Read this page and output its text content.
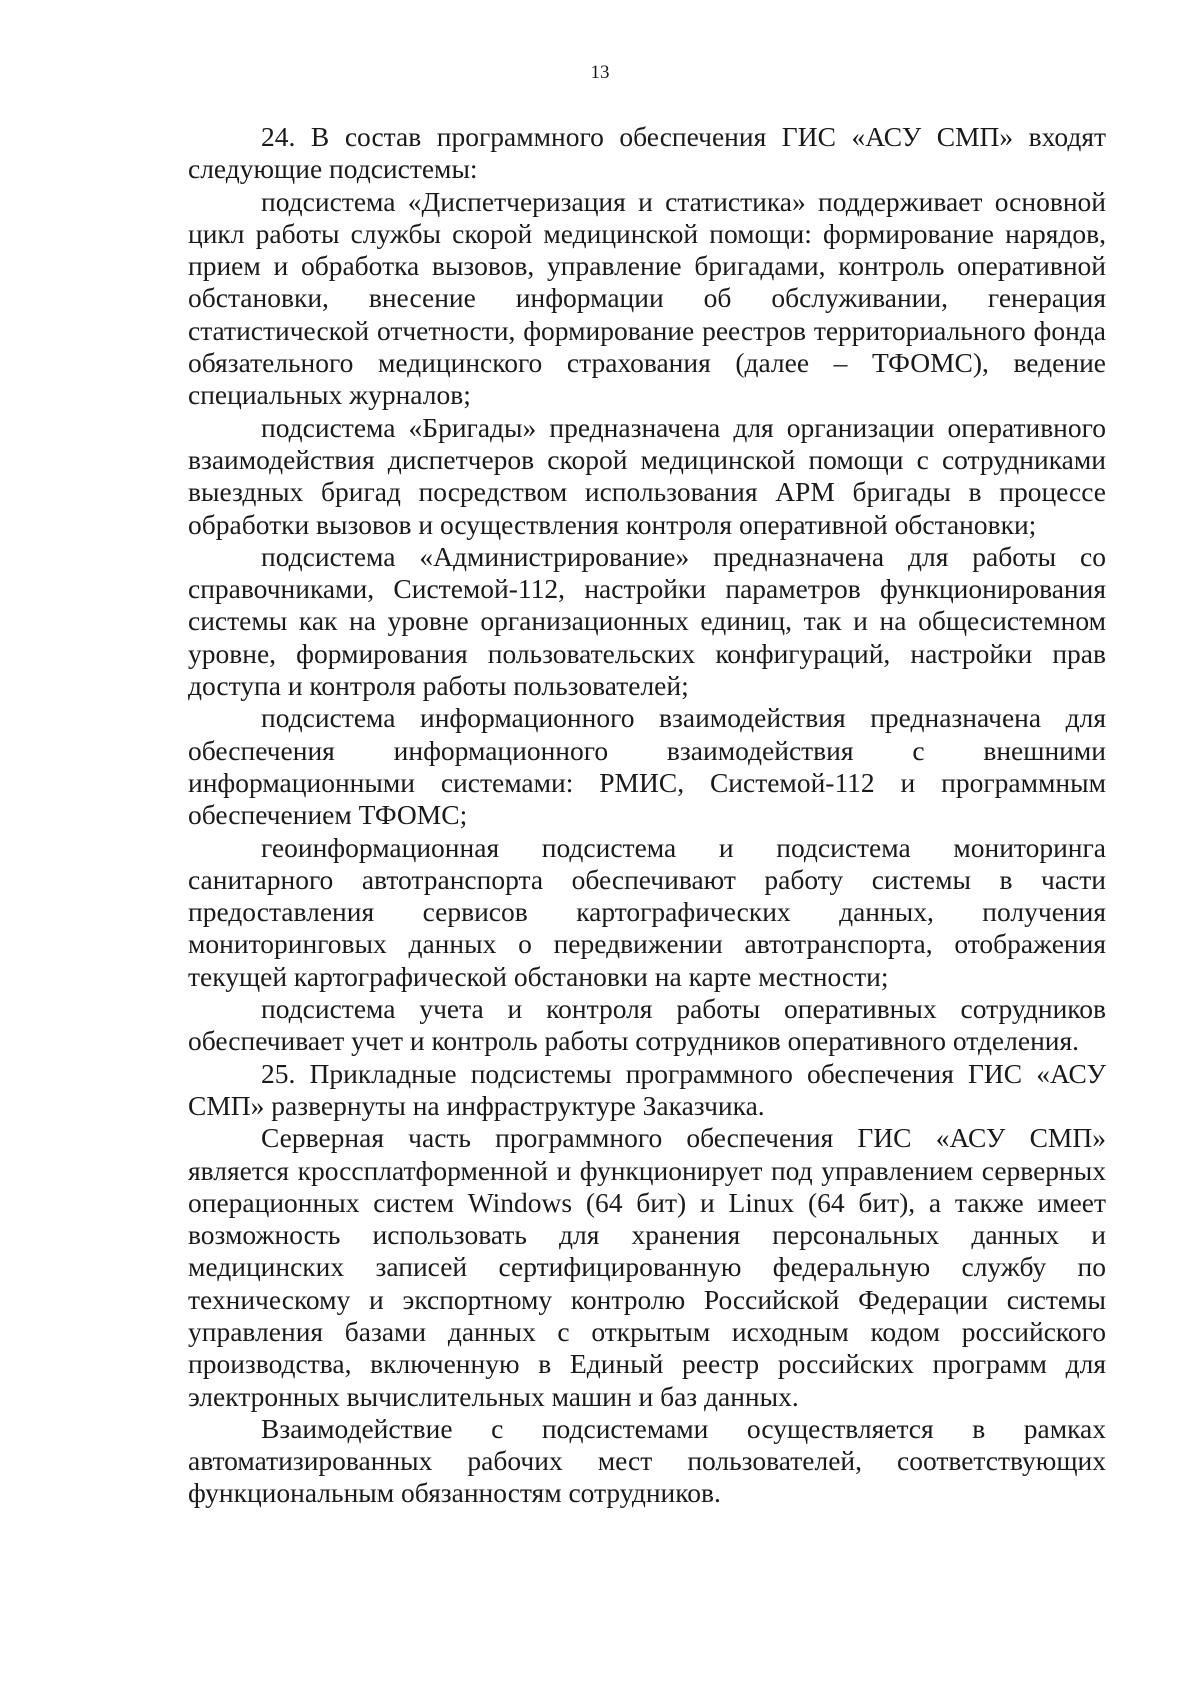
13

24. В состав программного обеспечения ГИС «АСУ СМП» входят следующие подсистемы:

подсистема «Диспетчеризация и статистика» поддерживает основной цикл работы службы скорой медицинской помощи: формирование нарядов, прием и обработка вызовов, управление бригадами, контроль оперативной обстановки, внесение информации об обслуживании, генерация статистической отчетности, формирование реестров территориального фонда обязательного медицинского страхования (далее – ТФОМС), ведение специальных журналов;

подсистема «Бригады» предназначена для организации оперативного взаимодействия диспетчеров скорой медицинской помощи с сотрудниками выездных бригад посредством использования АРМ бригады в процессе обработки вызовов и осуществления контроля оперативной обстановки;

подсистема «Администрирование» предназначена для работы со справочниками, Системой-112, настройки параметров функционирования системы как на уровне организационных единиц, так и на общесистемном уровне, формирования пользовательских конфигураций, настройки прав доступа и контроля работы пользователей;

подсистема информационного взаимодействия предназначена для обеспечения информационного взаимодействия с внешними информационными системами: РМИС, Системой-112 и программным обеспечением ТФОМС;

геоинформационная подсистема и подсистема мониторинга санитарного автотранспорта обеспечивают работу системы в части предоставления сервисов картографических данных, получения мониторинговых данных о передвижении автотранспорта, отображения текущей картографической обстановки на карте местности;

подсистема учета и контроля работы оперативных сотрудников обеспечивает учет и контроль работы сотрудников оперативного отделения.

25. Прикладные подсистемы программного обеспечения ГИС «АСУ СМП» развернуты на инфраструктуре Заказчика.

Серверная часть программного обеспечения ГИС «АСУ СМП» является кроссплатформенной и функционирует под управлением серверных операционных систем Windows (64 бит) и Linux (64 бит), а также имеет возможность использовать для хранения персональных данных и медицинских записей сертифицированную федеральную службу по техническому и экспортному контролю Российской Федерации системы управления базами данных с открытым исходным кодом российского производства, включенную в Единый реестр российских программ для электронных вычислительных машин и баз данных.

Взаимодействие с подсистемами осуществляется в рамках автоматизированных рабочих мест пользователей, соответствующих функциональным обязанностям сотрудников.
